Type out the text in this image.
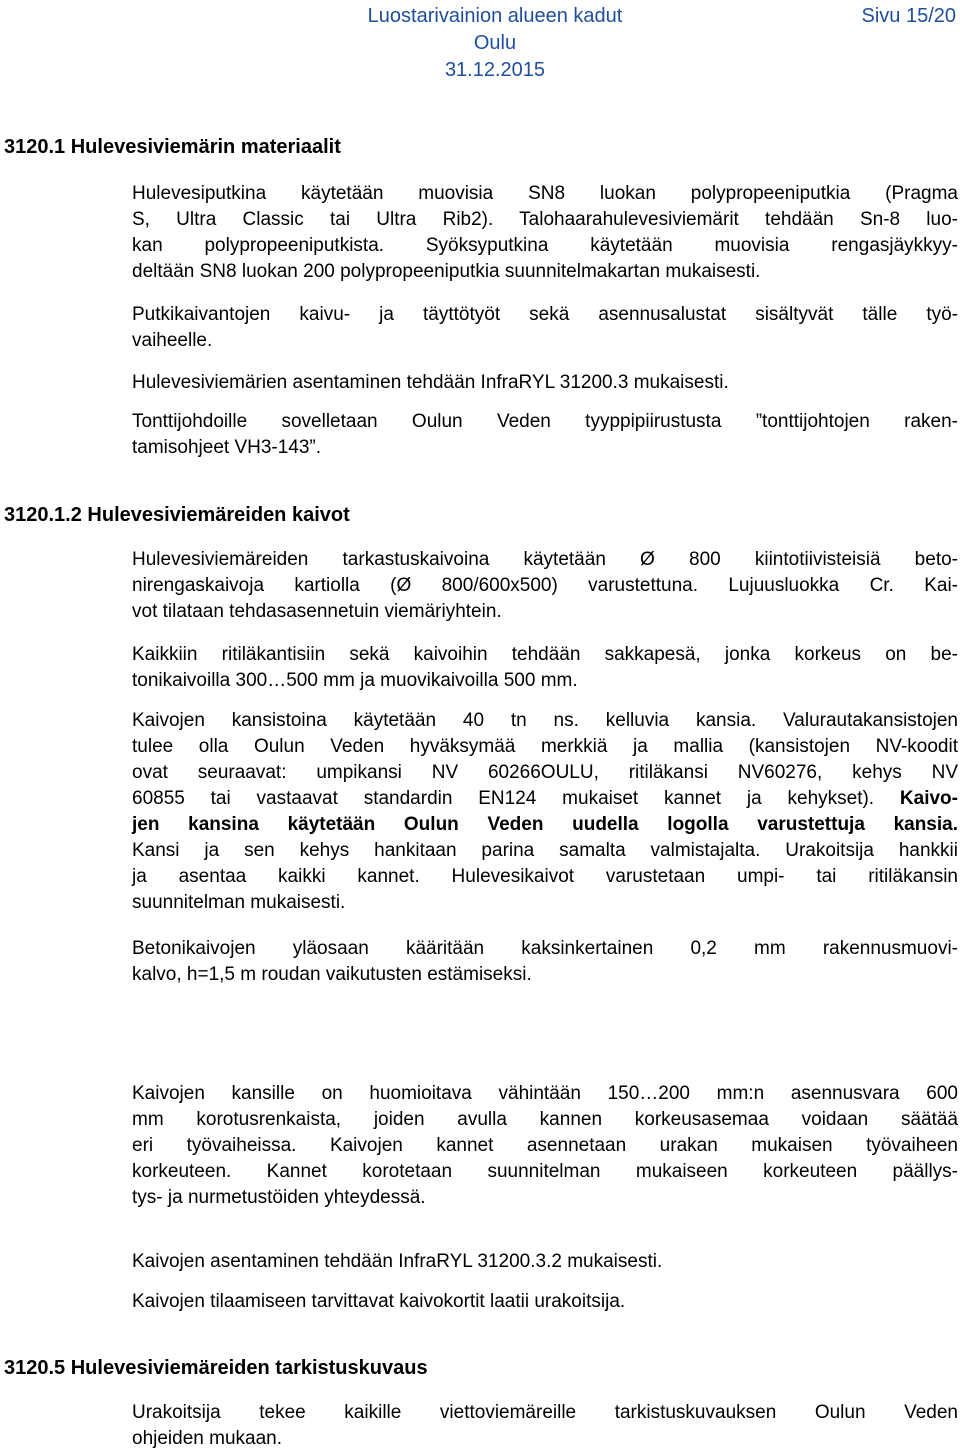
Luostarivainion alueen kadut
Oulu
31.12.2015
Sivu 15/20
3120.1 Hulevesiviemärin materiaalit
Hulevesiputkina käytetään muovisia SN8 luokan polypropeeniputkia (Pragma
S, Ultra Classic tai Ultra Rib2). Talohaarahulevesiviemärit tehdään Sn-8 luo-
kan polypropeeniputkista. Syöksyputkina käytetään muovisia rengasjäykkyy-
deltään SN8 luokan 200 polypropeeniputkia suunnitelmakartan mukaisesti.
Putkikaivantojen kaivu- ja täyttötyöt sekä asennusalustat sisältyvät tälle työ-
vaiheelle.
Hulevesiviemärien asentaminen tehdään InfraRYL 31200.3 mukaisesti.
Tonttijohdoille sovelletaan Oulun Veden tyyppipiirustusta ”tonttijohtojen raken-
tamisohjeet VH3-143”.
3120.1.2 Hulevesiviemäreiden kaivot
Hulevesiviemäreiden tarkastuskaivoina käytetään Ø 800 kiintotiivisteisiä beto-
nirengaskaivoja kartiolla (Ø 800/600x500) varustettuna. Lujuusluokka Cr. Kai-
vot tilataan tehdasasennetuin viemäriyhtein.
Kaikkiin ritiläkantisiin sekä kaivoihin tehdään sakkapesä, jonka korkeus on be-
tonikaivoilla 300…500 mm ja muovikaivoilla 500 mm.
Kaivojen kansistoina käytetään 40 tn ns. kelluvia kansia. Valurautakansistojen
tulee olla Oulun Veden hyväksymää merkkiä ja mallia (kansistojen NV-koodit
ovat seuraavat: umpikansi NV 60266OULU, ritiläkansi NV60276, kehys NV
60855 tai vastaavat standardin EN124 mukaiset kannet ja kehykset). Kaivo-
jen kansina käytetään Oulun Veden uudella logolla varustettuja kansia.
Kansi ja sen kehys hankitaan parina samalta valmistajalta. Urakoitsija hankkii
ja asentaa kaikki kannet. Hulevesikaivot varustetaan umpi- tai ritiläkansin
suunnitelman mukaisesti.
Betonikaivojen yläosaan kääritään kaksinkertainen 0,2 mm rakennusmuovi-
kalvo, h=1,5 m roudan vaikutusten estämiseksi.
Kaivojen kansille on huomioitava vähintään 150…200 mm:n asennusvara 600
mm korotusrenkaista, joiden avulla kannen korkeusasemaa voidaan säätää
eri työvaiheissa. Kaivojen kannet asennetaan urakan mukaisen työvaiheen
korkeuteen. Kannet korotetaan suunnitelman mukaiseen korkeuteen päällys-
tys- ja nurmetustöiden yhteydessä.
Kaivojen asentaminen tehdään InfraRYL 31200.3.2 mukaisesti.
Kaivojen tilaamiseen tarvittavat kaivokortit laatii urakoitsija.
3120.5 Hulevesiviemäreiden tarkistuskuvaus
Urakoitsija tekee kaikille viettoviemäreille tarkistuskuvauksen Oulun Veden
ohjeiden mukaan.
